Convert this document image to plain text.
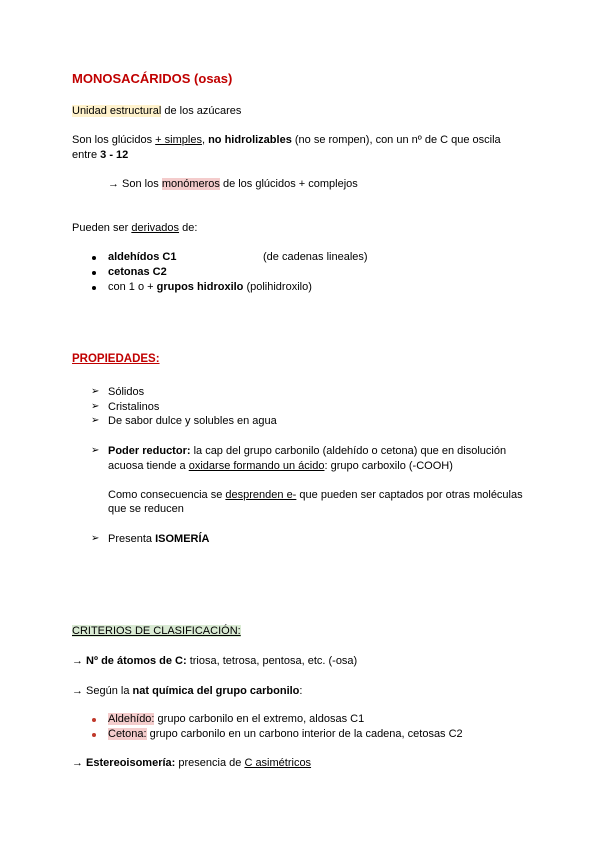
MONOSACÁRIDOS (osas)
Unidad estructural de los azúcares
Son los glúcidos + simples, no hidrolizables (no se rompen), con un nº de C que oscila
entre 3 - 12
→ Son los monómeros de los glúcidos + complejos
Pueden ser derivados de:
aldehídos C1	(de cadenas lineales)
cetonas C2
con 1 o + grupos hidroxilo (polihidroxilo)
PROPIEDADES:
➢ Sólidos
➢ Cristalinos
➢ De sabor dulce y solubles en agua
➢ Poder reductor: la cap del grupo carbonilo (aldehído o cetona) que en disolución
acuosa tiende a oxidarse formando un ácido: grupo carboxilo (-COOH)
Como consecuencia se desprenden e- que pueden ser captados por otras moléculas
que se reducen
➢ Presenta ISOMERÍA
CRITERIOS DE CLASIFICACIÓN:
→ Nº de átomos de C: triosa, tetrosa, pentosa, etc. (-osa)
→ Según la nat química del grupo carbonilo:
Aldehído: grupo carbonilo en el extremo, aldosas C1
Cetona: grupo carbonilo en un carbono interior de la cadena, cetosas C2
→ Estereoisomería: presencia de C asimétricos
